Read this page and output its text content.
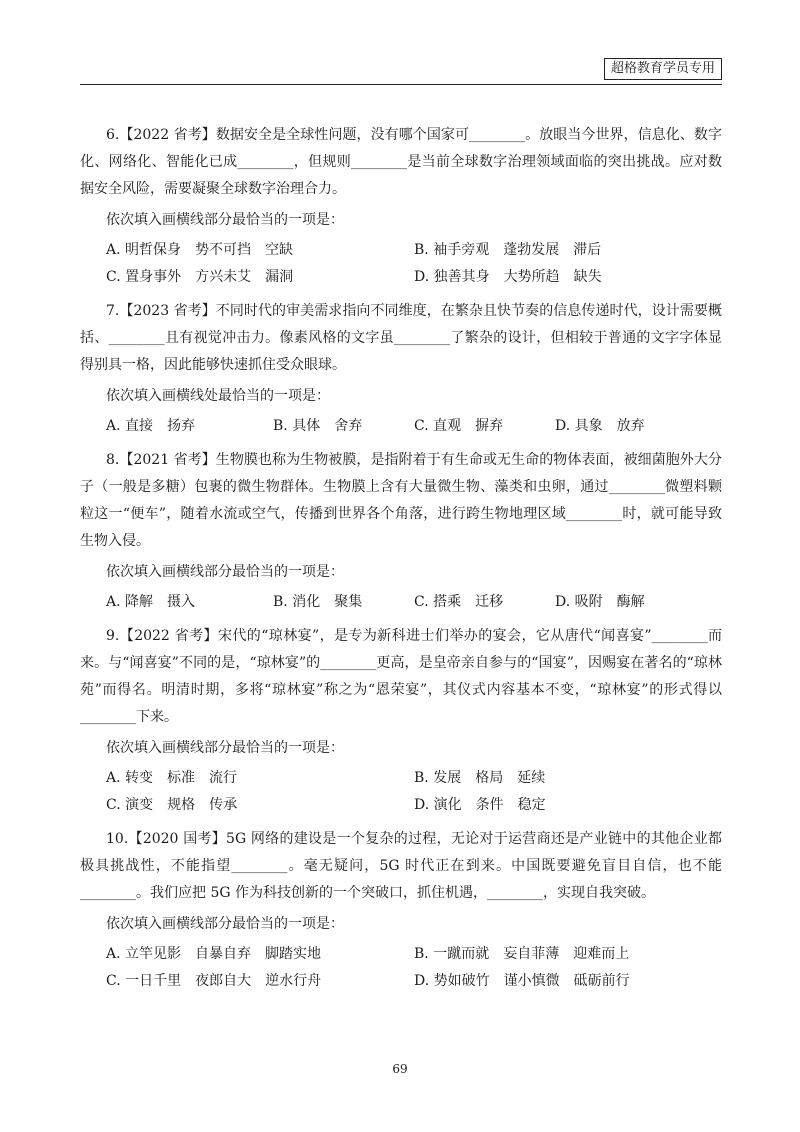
超格教育学员专用

6.【2022 省考】数据安全是全球性问题，没有哪个国家可________。放眼当今世界，信息化、数字化、网络化、智能化已成________，但规则________是当前全球数字治理领域面临的突出挑战。应对数据安全风险，需要凝聚全球数字治理合力。

依次填入画横线部分最恰当的一项是：

A. 明哲保身　势不可挡　空缺	B. 袖手旁观　蓬勃发展　滞后
C. 置身事外　方兴未艾　漏洞	D. 独善其身　大势所趋　缺失

7.【2023 省考】不同时代的审美需求指向不同维度，在繁杂且快节奏的信息传递时代，设计需要概括、________且有视觉冲击力。像素风格的文字虽________了繁杂的设计，但相较于普通的文字字体显得别具一格，因此能够快速抓住受众眼球。

依次填入画横线处最恰当的一项是：

A. 直接　扬弃	B. 具体　舍弃	C. 直观　摒弃	D. 具象　放弃

8.【2021 省考】生物膜也称为生物被膜，是指附着于有生命或无生命的物体表面，被细菌胞外大分子（一般是多糖）包裹的微生物群体。生物膜上含有大量微生物、藻类和虫卵，通过________微塑料颗粒这一“便车”，随着水流或空气，传播到世界各个角落，进行跨生物地理区域________时，就可能导致生物入侵。

依次填入画横线部分最恰当的一项是：

A. 降解　摄入	B. 消化　聚集	C. 搭乘　迁移	D. 吸附　酶解

9.【2022 省考】宋代的“琼林宴”，是专为新科进士们举办的宴会，它从唐代“闻喜宴”________而来。与“闻喜宴”不同的是，“琼林宴”的________更高，是皇帝亲自参与的“国宴”，因赐宴在著名的“琼林苑”而得名。明清时期，多将“琼林宴”称之为“恩荣宴”，其仪式内容基本不变，“琼林宴”的形式得以________下来。

依次填入画横线部分最恰当的一项是：

A. 转变　标准　流行	B. 发展　格局　延续
C. 演变　规格　传承	D. 演化　条件　稳定

10.【2020 国考】5G 网络的建设是一个复杂的过程，无论对于运营商还是产业链中的其他企业都极具挑战性，不能指望________。毫无疑问，5G 时代正在到来。中国既要避免盲目自信，也不能________。我们应把 5G 作为科技创新的一个突破口，抓住机遇，________，实现自我突破。

依次填入画横线部分最恰当的一项是：

A. 立竿见影　自暴自弃　脚踏实地	B. 一蹴而就　妄自菲薄　迎难而上
C. 一日千里　夜郎自大　逆水行舟	D. 势如破竹　谨小慎微　砥砺前行
69
